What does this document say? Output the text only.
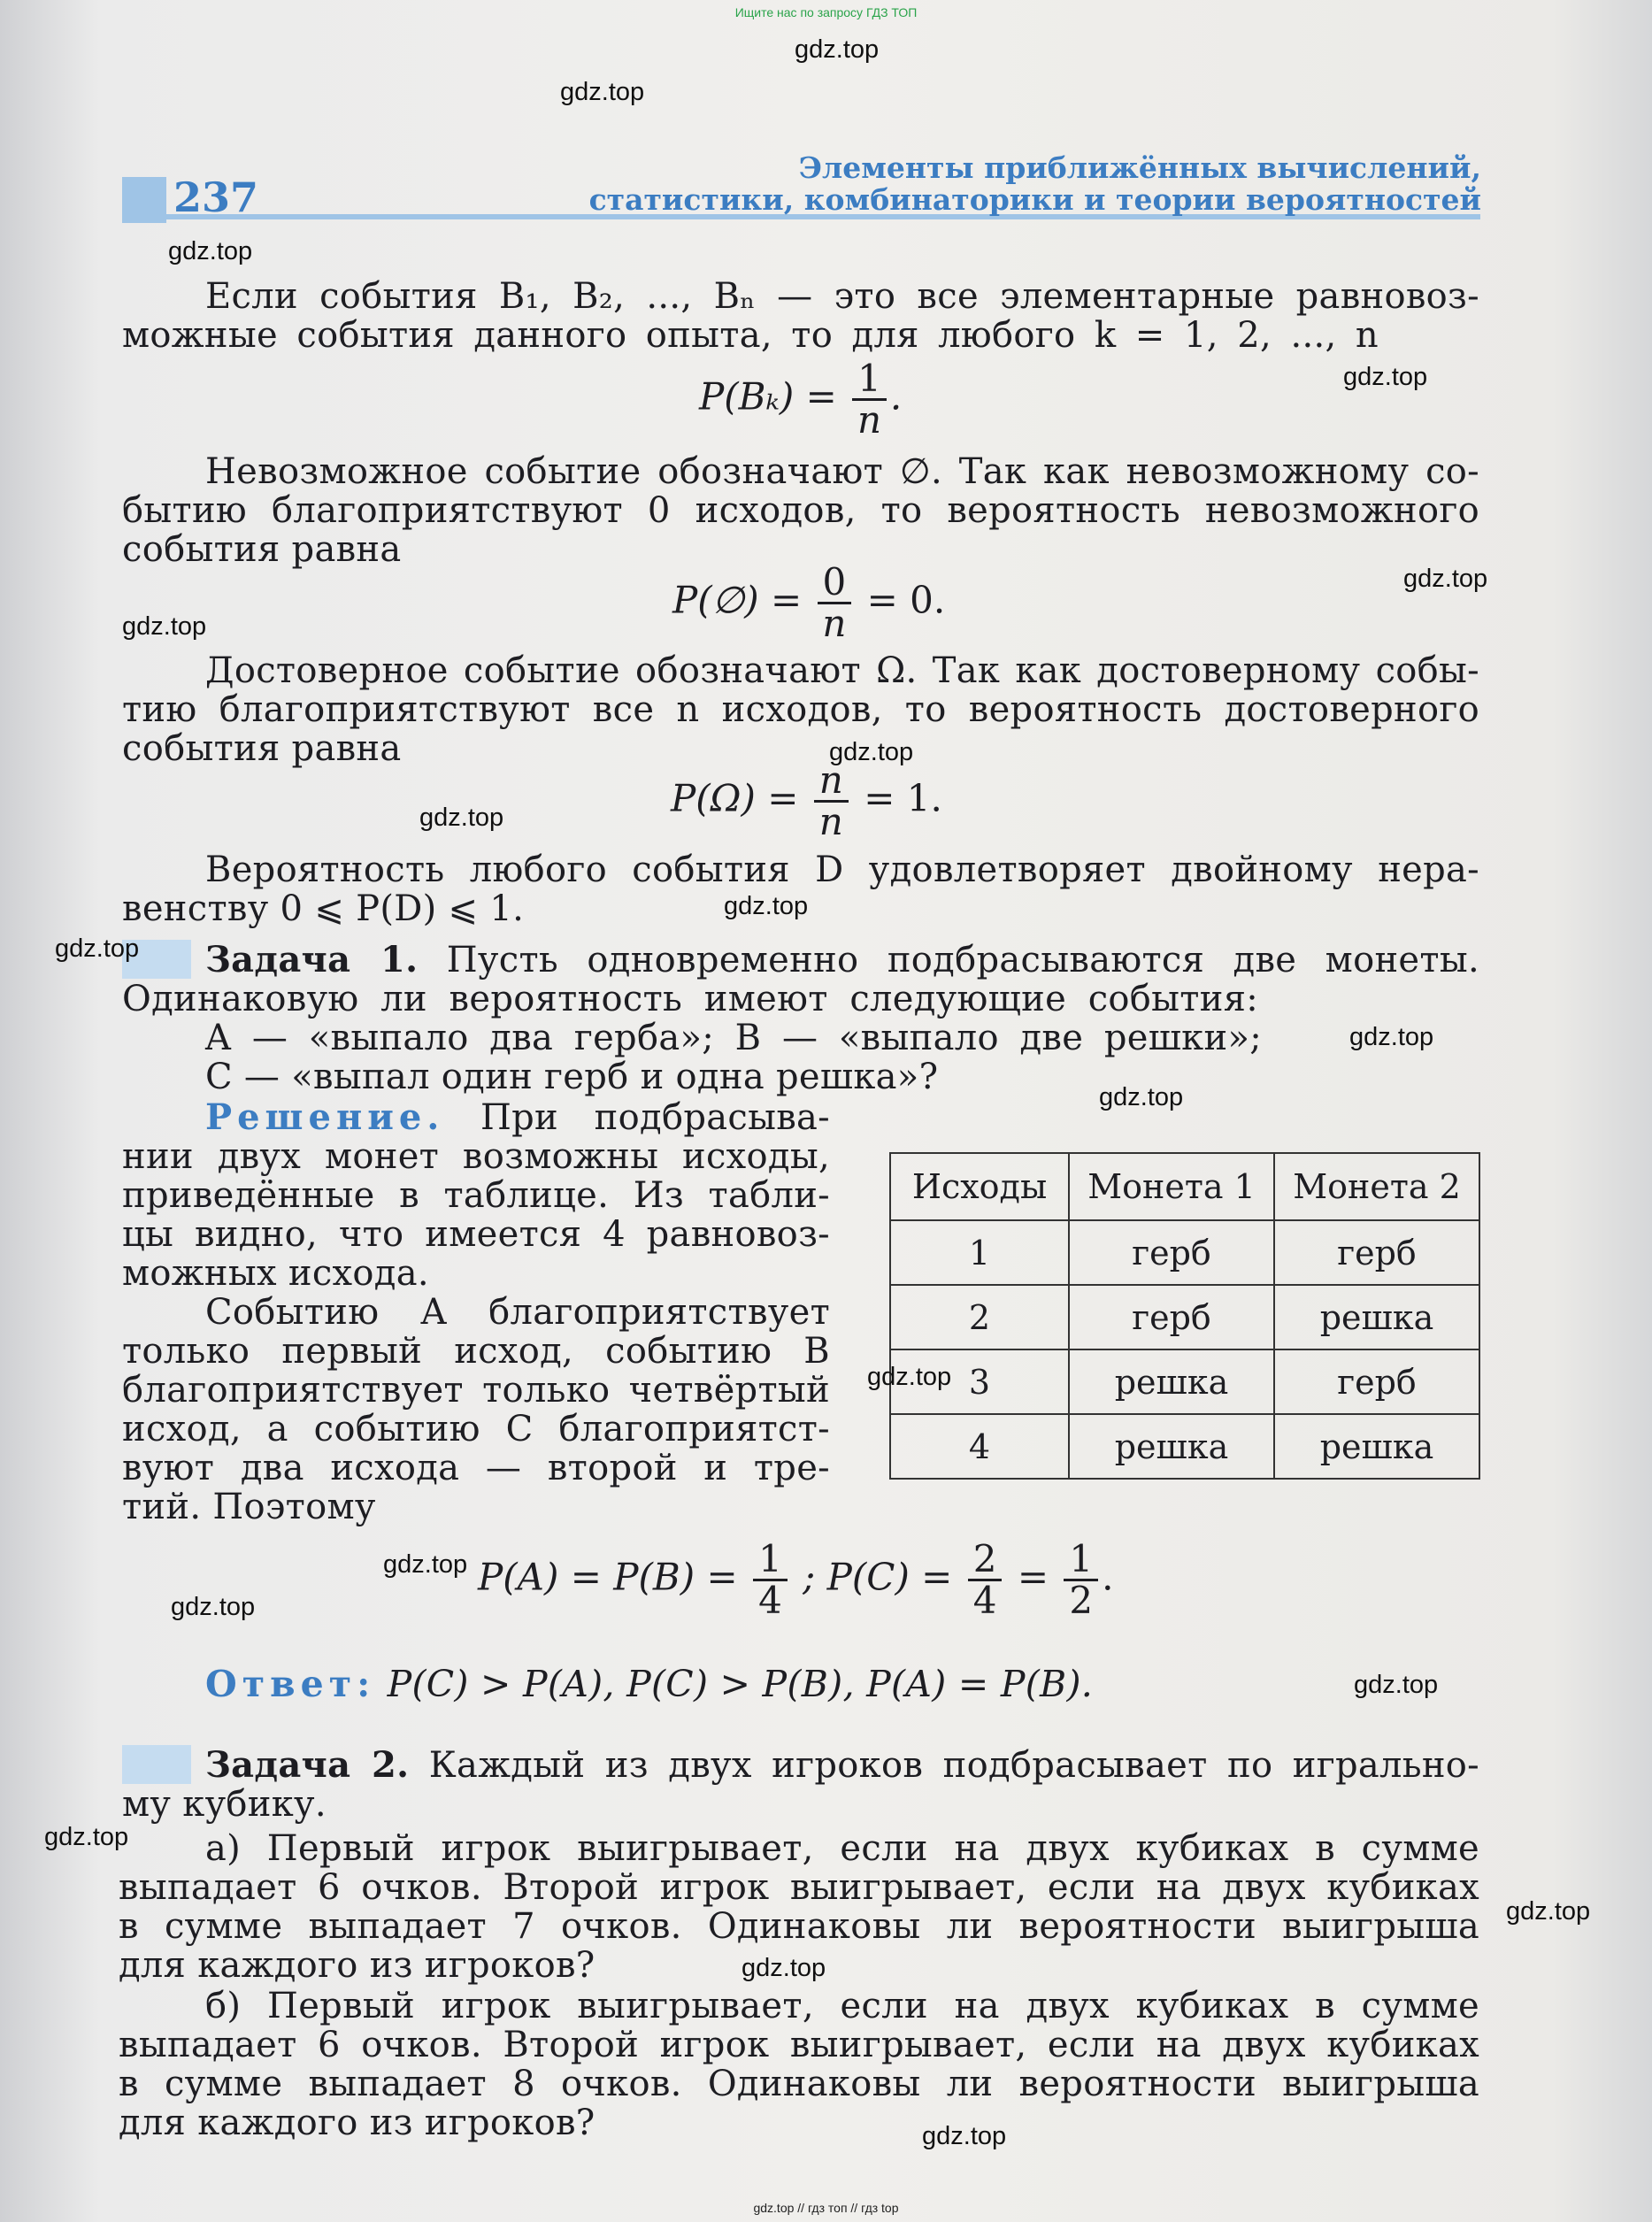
Ищите нас по запросу ГДЗ ТОП
237
Элементы приближённых вычислений,
статистики, комбинаторики и теории вероятностей
Если события B₁, B₂, ..., Bₙ — это все элементарные равновоз-
можные события данного опыта, то для любого k = 1, 2, ..., n
$P(B_k) = \frac{1}{n}$ .
Невозможное событие обозначают ∅. Так как невозможному со-
бытию благоприятствуют 0 исходов, то вероятность невозможного
события равна
P(∅) = $\frac{0}{n} = 0$.
Достоверное событие обозначают Ω. Так как достоверному собы-
тию благоприятствуют все n исходов, то вероятность достоверного
события равна
$P(\Omega) = \frac{n}{n} = 1$.
Вероятность любого события D удовлетворяет двойному нера-
венству 0 ⩽ P(D) ⩽ 1.
Задача 1. Пусть одновременно подбрасываются две монеты.
Одинаковую ли вероятность имеют следующие события:
A — «выпало два герба»; B — «выпало две решки»;
C — «выпал один герб и одна решка»?
Решение. При подбрасыва-
нии двух монет возможны исходы,
приведённые в таблице. Из табли-
цы видно, что имеется 4 равновоз-
можных исхода.
Событию A благоприятствует
только первый исход, событию B
благоприятствует только четвёртый
исход, а событию C благоприятст-
вуют два исхода — второй и тре-
тий. Поэтому
Исходы	Монета 1	Монета 2
1	герб	герб
2	герб	решка
3	решка	герб
4	решка	решка
$P(A) = P(B) = \frac{1}{4}$ ; $P(C) = \frac{2}{4} = \frac{1}{2}$ .
Ответ: P(C) > P(A), P(C) > P(B), P(A) = P(B).
Задача 2. Каждый из двух игроков подбрасывает по игрально-
му кубику.
а) Первый игрок выигрывает, если на двух кубиках в сумме
выпадает 6 очков. Второй игрок выигрывает, если на двух кубиках
в сумме выпадает 7 очков. Одинаковы ли вероятности выигрыша
для каждого из игроков?
б) Первый игрок выигрывает, если на двух кубиках в сумме
выпадает 6 очков. Второй игрок выигрывает, если на двух кубиках
в сумме выпадает 8 очков. Одинаковы ли вероятности выигрыша
для каждого из игроков?
gdz.top
gdz.top
gdz.top
gdz.top
gdz.top
gdz.top
gdz.top
gdz.top
gdz.top
gdz.top
gdz.top
gdz.top
gdz.top
gdz.top
gdz.top
gdz.top
gdz.top
gdz.top
gdz.top
gdz.top
gdz.top // гдз топ // гдз top
